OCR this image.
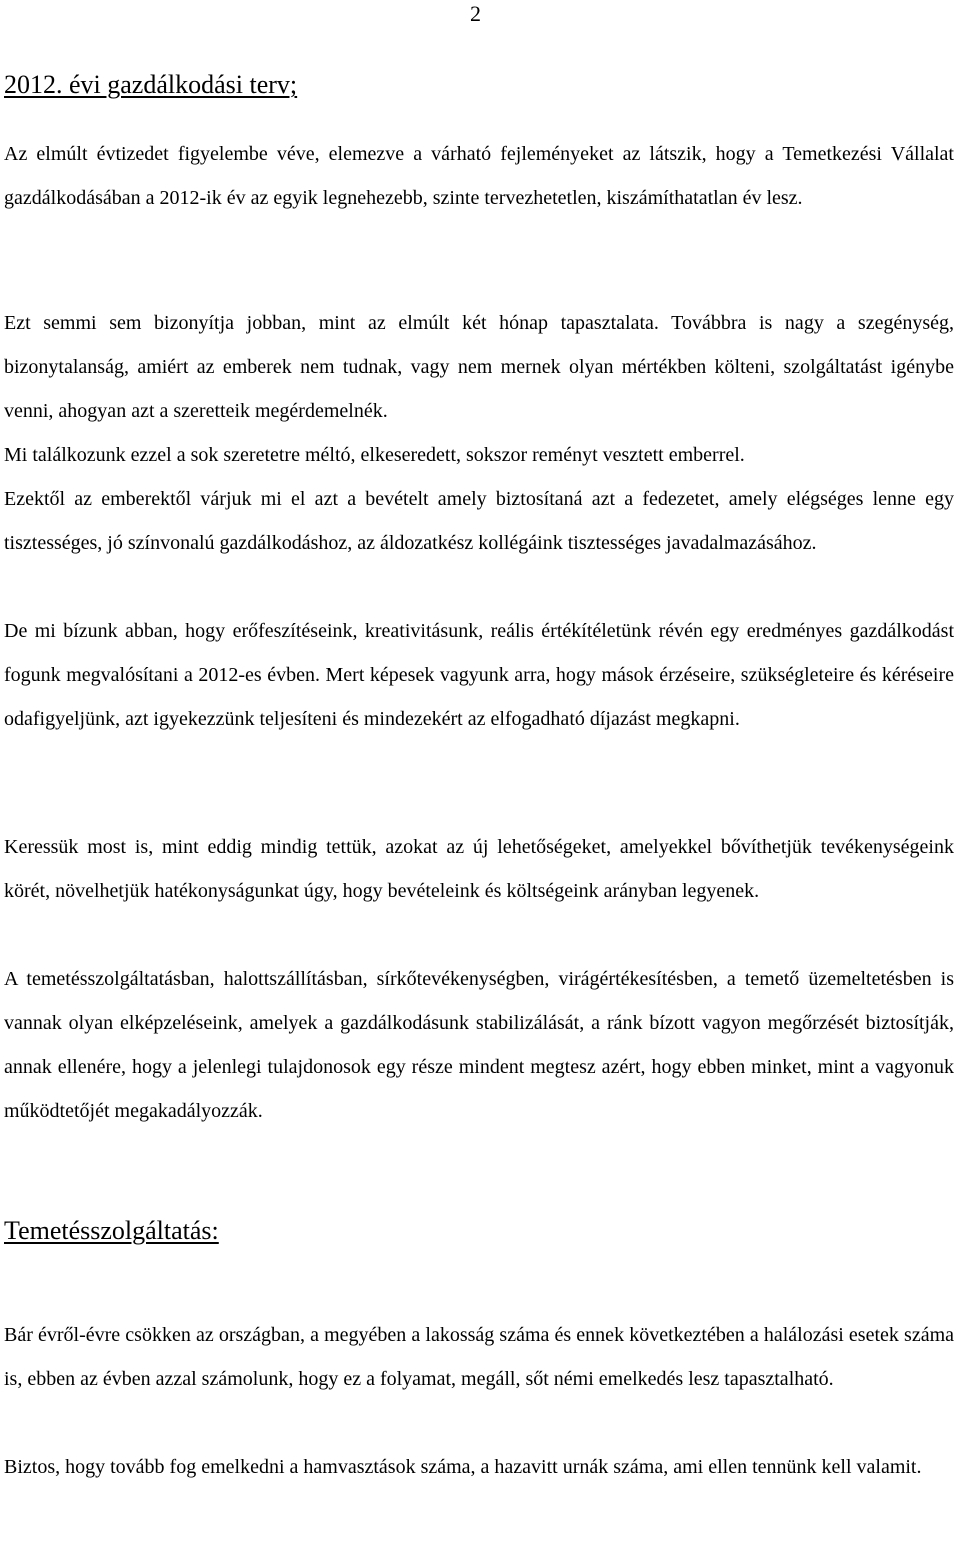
2
2012. évi gazdálkodási terv;

Az elmúlt évtizedet figyelembe véve, elemezve a várható fejleményeket az látszik, hogy a Temetkezési Vállalat gazdálkodásában a 2012-ik év az egyik legnehezebb, szinte tervezhetetlen, kiszámíthatatlan év lesz.

Ezt semmi sem bizonyítja jobban, mint az elmúlt két hónap tapasztalata. Továbbra is nagy a szegénység, bizonytalanság, amiért az emberek nem tudnak, vagy nem mernek olyan mértékben költeni, szolgáltatást igénybe venni, ahogyan azt a szeretteik megérdemelnék.

Mi találkozunk ezzel a sok szeretetre méltó, elkeseredett, sokszor reményt vesztett emberrel.

Ezektől az emberektől várjuk mi el azt a bevételt amely biztosítaná azt a fedezetet, amely elégséges lenne egy tisztességes, jó színvonalú gazdálkodáshoz, az áldozatkész kollégáink tisztességes javadalmazásához.

De mi bízunk abban, hogy erőfeszítéseink, kreativitásunk, reális értékítéletünk révén egy eredményes gazdálkodást fogunk megvalósítani a 2012-es évben. Mert képesek vagyunk arra, hogy mások érzéseire, szükségleteire és kéréseire odafigyeljünk, azt igyekezzünk teljesíteni és mindezekért az elfogadható díjazást megkapni.

Keressük most is, mint eddig mindig tettük, azokat az új lehetőségeket, amelyekkel bővíthetjük tevékenységeink körét, növelhetjük hatékonyságunkat úgy, hogy bevételeink és költségeink arányban legyenek.

A temetésszolgáltatásban, halottszállításban, sírkőtevékenységben, virágértékesítésben, a temető üzemeltetésben is vannak olyan elképzeléseink, amelyek a gazdálkodásunk stabilizálását, a ránk bízott vagyon megőrzését biztosítják, annak ellenére, hogy a jelenlegi tulajdonosok egy része mindent megtesz azért, hogy ebben minket, mint a vagyonuk működtetőjét megakadályozzák.

Temetésszolgáltatás:

Bár évről-évre csökken az országban, a megyében a lakosság száma és ennek következtében a halálozási esetek száma is, ebben az évben azzal számolunk, hogy ez a folyamat, megáll, sőt némi emelkedés lesz tapasztalható.

Biztos, hogy tovább fog emelkedni a hamvasztások száma, a hazavitt urnák száma, ami ellen tennünk kell valamit.
